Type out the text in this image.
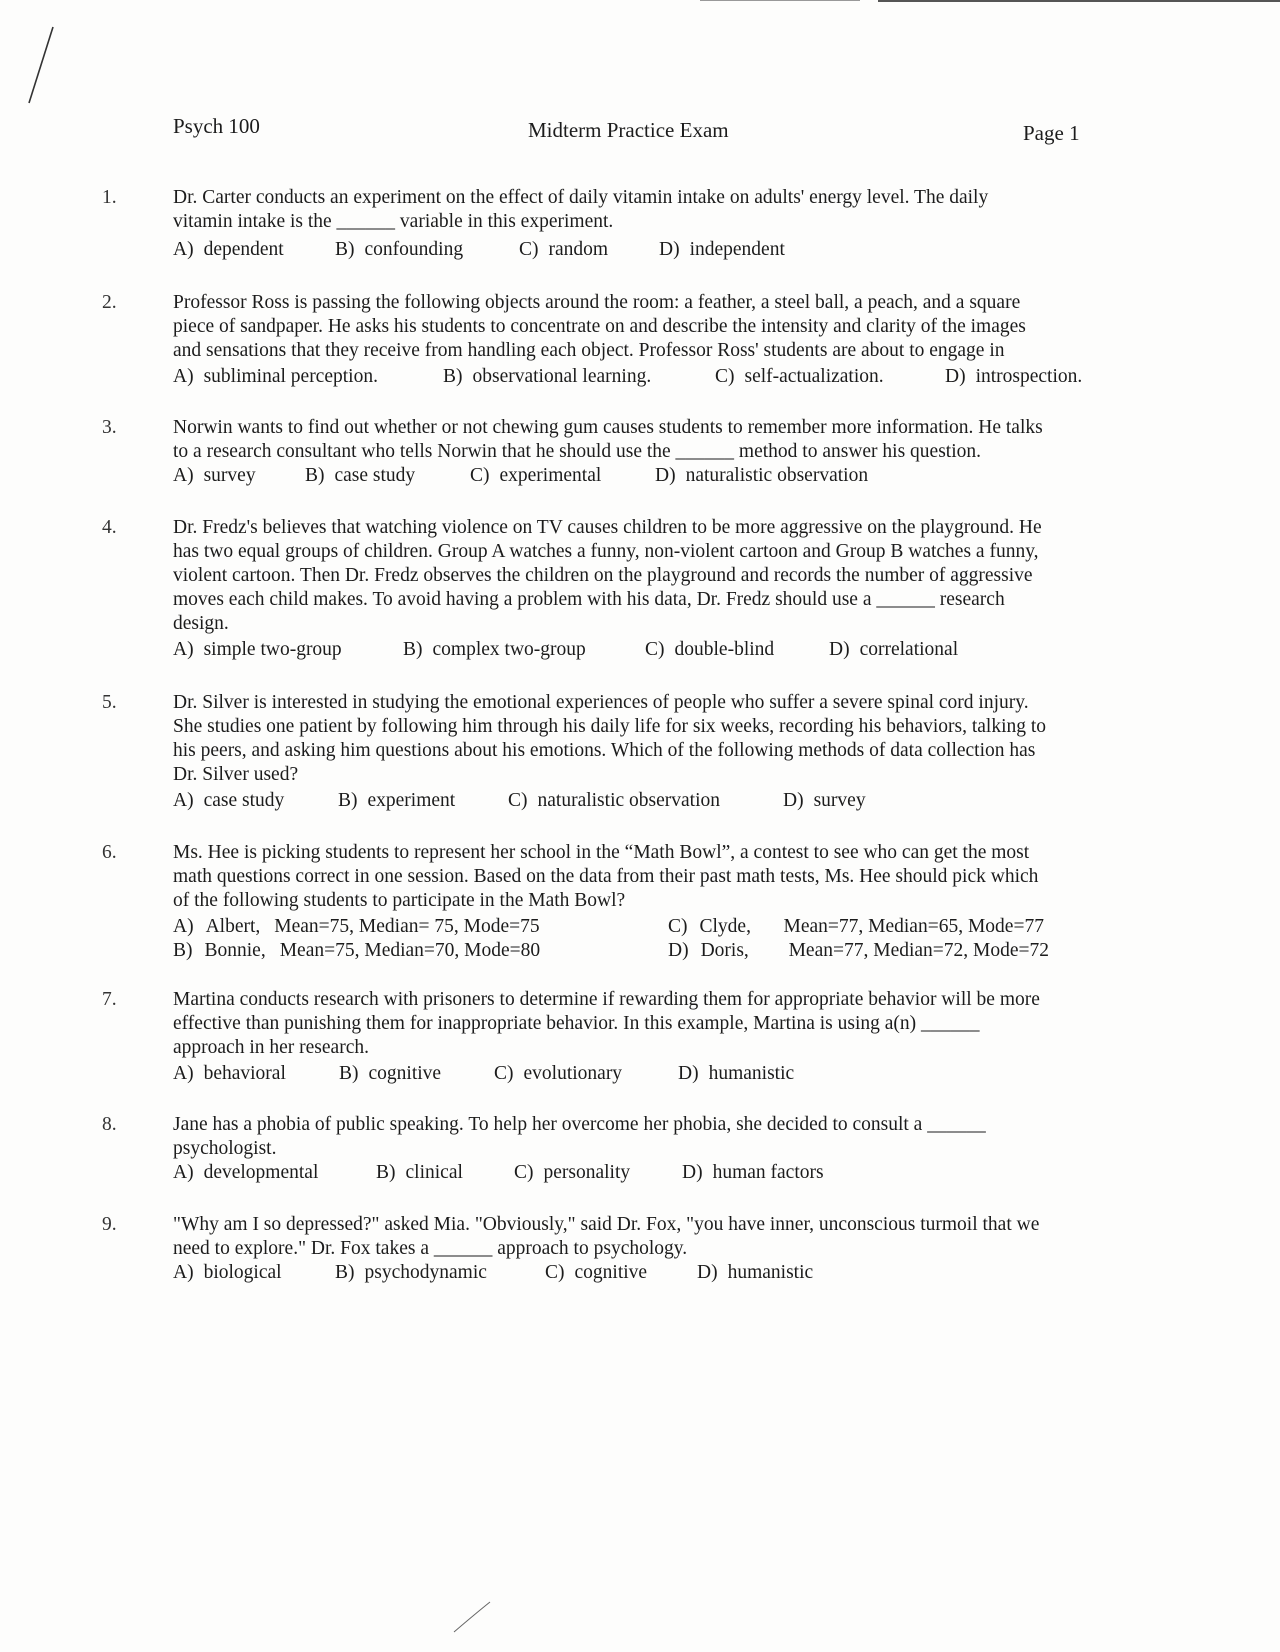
Psych 100	Midterm Practice Exam	Page 1
1.	Dr. Carter conducts an experiment on the effect of daily vitamin intake on adults' energy level. The daily
vitamin intake is the ______ variable in this experiment.
A) dependent	B) confounding	C) random	D) independent
2.	Professor Ross is passing the following objects around the room: a feather, a steel ball, a peach, and a square
piece of sandpaper. He asks his students to concentrate on and describe the intensity and clarity of the images
and sensations that they receive from handling each object. Professor Ross' students are about to engage in
A) subliminal perception.	B) observational learning.	C) self-actualization.	D) introspection.
3.	Norwin wants to find out whether or not chewing gum causes students to remember more information. He talks
to a research consultant who tells Norwin that he should use the ______ method to answer his question.
A) survey	B) case study	C) experimental	D) naturalistic observation
4.	Dr. Fredz's believes that watching violence on TV causes children to be more aggressive on the playground. He
has two equal groups of children. Group A watches a funny, non-violent cartoon and Group B watches a funny,
violent cartoon. Then Dr. Fredz observes the children on the playground and records the number of aggressive
moves each child makes. To avoid having a problem with his data, Dr. Fredz should use a ______ research
design.
A) simple two-group	B) complex two-group	C) double-blind	D) correlational
5.	Dr. Silver is interested in studying the emotional experiences of people who suffer a severe spinal cord injury.
She studies one patient by following him through his daily life for six weeks, recording his behaviors, talking to
his peers, and asking him questions about his emotions. Which of the following methods of data collection has
Dr. Silver used?
A) case study	B) experiment	C) naturalistic observation	D) survey
6.	Ms. Hee is picking students to represent her school in the “Math Bowl”, a contest to see who can get the most
math questions correct in one session. Based on the data from their past math tests, Ms. Hee should pick which
of the following students to participate in the Math Bowl?
A) Albert, Mean=75, Median= 75, Mode=75
B) Bonnie, Mean=75, Median=70, Mode=80
C) Clyde, Mean=77, Median=65, Mode=77
D) Doris, Mean=77, Median=72, Mode=72
7.	Martina conducts research with prisoners to determine if rewarding them for appropriate behavior will be more
effective than punishing them for inappropriate behavior. In this example, Martina is using a(n) ______
approach in her research.
A) behavioral	B) cognitive	C) evolutionary	D) humanistic
8.	Jane has a phobia of public speaking. To help her overcome her phobia, she decided to consult a ______
psychologist.
A) developmental	B) clinical	C) personality	D) human factors
9.	"Why am I so depressed?" asked Mia. "Obviously," said Dr. Fox, "you have inner, unconscious turmoil that we
need to explore." Dr. Fox takes a ______ approach to psychology.
A) biological	B) psychodynamic	C) cognitive	D) humanistic
